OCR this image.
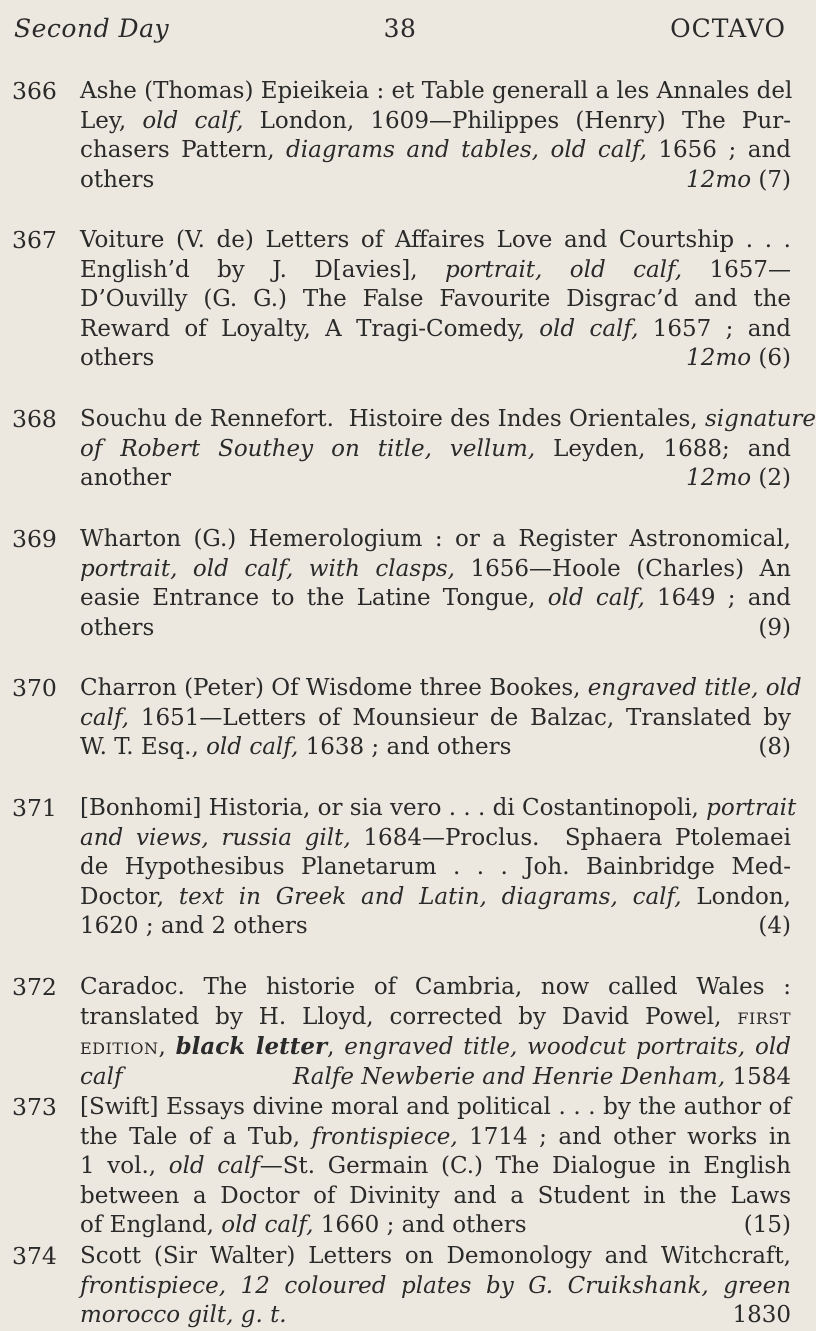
Second Day	38	OCTAVO
366	Ashe (Thomas) Epieikeia : et Table generall a les Annales del
Ley, old calf, London, 1609—Philippes (Henry) The Pur-
chasers Pattern, diagrams and tables, old calf, 1656 ; and
others	12mo (7)
367	Voiture (V. de) Letters of Affaires Love and Courtship . . .
English’d by J. D[avies], portrait, old calf, 1657—
D’Ouvilly (G. G.) The False Favourite Disgrac’d and the
Reward of Loyalty, A Tragi-Comedy, old calf, 1657 ; and
others	12mo (6)
368	Souchu de Rennefort.  Histoire des Indes Orientales, signature
of Robert Southey on title, vellum, Leyden, 1688; and
another	12mo (2)
369	Wharton (G.) Hemerologium : or a Register Astronomical,
portrait, old calf, with clasps, 1656—Hoole (Charles) An
easie Entrance to the Latine Tongue, old calf, 1649 ; and
others	(9)
370	Charron (Peter) Of Wisdome three Bookes, engraved title, old
calf, 1651—Letters of Mounsieur de Balzac, Translated by
W. T. Esq., old calf, 1638 ; and others	(8)
371	[Bonhomi] Historia, or sia vero . . . di Costantinopoli, portrait
and views, russia gilt, 1684—Proclus.  Sphaera Ptolemaei
de Hypothesibus Planetarum . . . Joh. Bainbridge Med-
Doctor, text in Greek and Latin, diagrams, calf, London,
1620 ; and 2 others	(4)
372	Caradoc. The historie of Cambria, now called Wales :
translated by H. Lloyd, corrected by David Powel, first
edition, black letter, engraved title, woodcut portraits, old
calf	Ralfe Newberie and Henrie Denham, 1584
373	[Swift] Essays divine moral and political . . . by the author of
the Tale of a Tub, frontispiece, 1714 ; and other works in
1 vol., old calf—St. Germain (C.) The Dialogue in English
between a Doctor of Divinity and a Student in the Laws
of England, old calf, 1660 ; and others	(15)
374	Scott (Sir Walter) Letters on Demonology and Witchcraft,
frontispiece, 12 coloured plates by G. Cruikshank, green
morocco gilt, g. t.	1830
